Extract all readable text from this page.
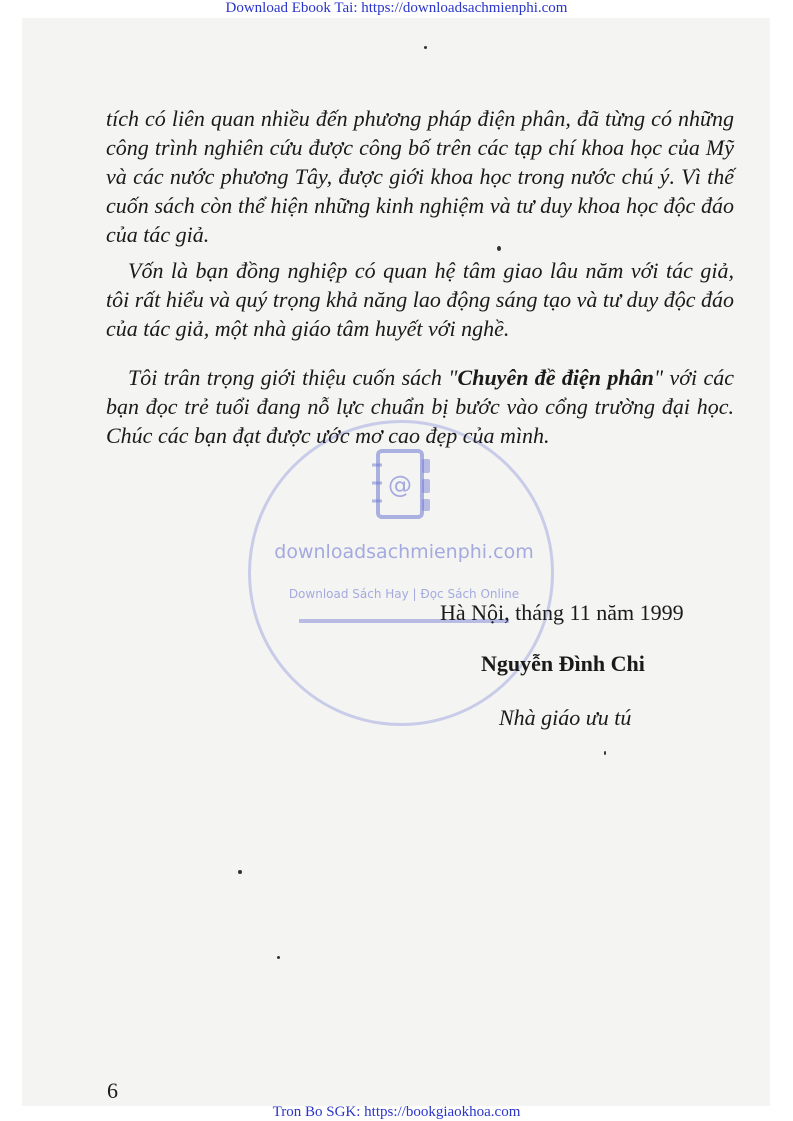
Download Ebook Tai: https://downloadsachmienphi.com
@
downloadsachmienphi.com
Download Sách Hay | Đọc Sách Online

tích có liên quan nhiều đến phương pháp điện phân, đã từng có những công trình nghiên cứu được công bố trên các tạp chí khoa học của Mỹ và các nước phương Tây, được giới khoa học trong nước chú ý. Vì thế cuốn sách còn thể hiện những kinh nghiệm và tư duy khoa học độc đáo của tác giả.

Vốn là bạn đồng nghiệp có quan hệ tâm giao lâu năm với tác giả, tôi rất hiểu và quý trọng khả năng lao động sáng tạo và tư duy độc đáo của tác giả, một nhà giáo tâm huyết với nghề.

Tôi trân trọng giới thiệu cuốn sách "Chuyên đề điện phân" với các bạn đọc trẻ tuổi đang nỗ lực chuẩn bị bước vào cổng trường đại học. Chúc các bạn đạt được ước mơ cao đẹp của mình.

Hà Nội, tháng 11 năm 1999
Nguyễn Đình Chi
Nhà giáo ưu tú
6
Tron Bo SGK: https://bookgiaokhoa.com
